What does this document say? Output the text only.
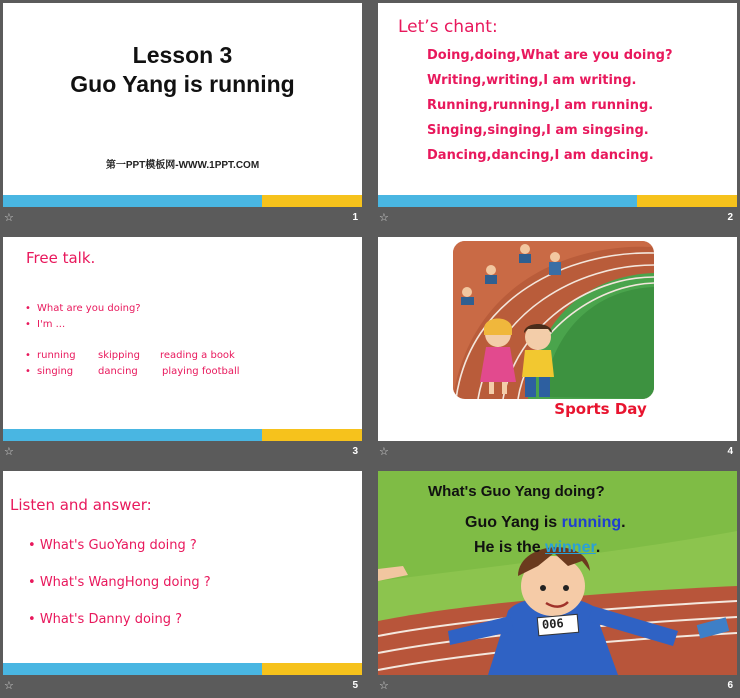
Lesson 3
Guo Yang is running
第一PPT模板网-WWW.1PPT.COM
☆	1
Let’s chant:
Doing,doing,What are you doing?
Writing,writing,I am writing.
Running,running,I am running.
Singing,singing,I am singsing.
Dancing,dancing,I am dancing.
☆	2
Free talk.
• What are you doing?
• I'm ...
• running skipping reading a book
• singing dancing playing football
☆	3
Sports Day
☆	4
Listen and answer:
• What's GuoYang doing ?
• What's WangHong doing ?
• What's Danny doing ?
☆	5
What's Guo Yang doing?
Guo Yang is running.
He is the winner.
006
☆	6
